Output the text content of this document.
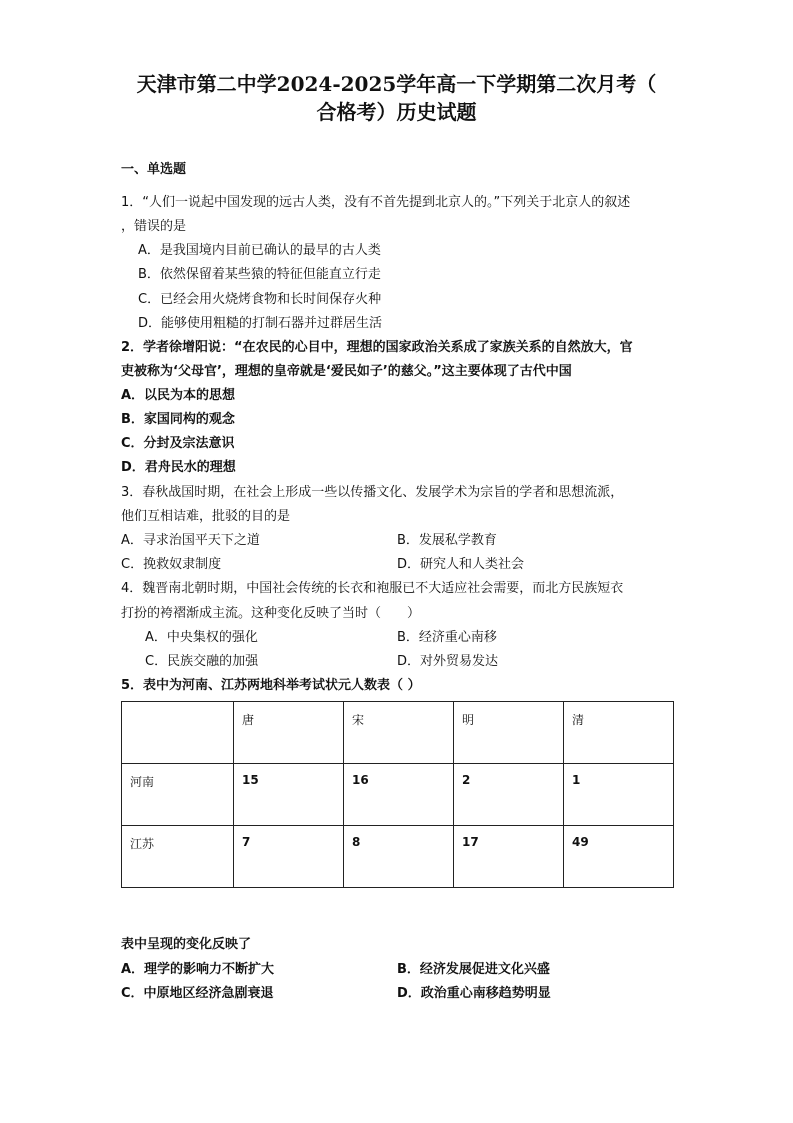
天津市第二中学2024-2025学年高一下学期第二次月考（
合格考）历史试题
一、单选题
1．“人们一说起中国发现的远古人类，没有不首先提到北京人的。”下列关于北京人的叙述
，错误的是
A．是我国境内目前已确认的最早的古人类
B．依然保留着某些猿的特征但能直立行走
C．已经会用火烧烤食物和长时间保存火种
D．能够使用粗糙的打制石器并过群居生活
2．学者徐增阳说：“在农民的心目中，理想的国家政治关系成了家族关系的自然放大，官
吏被称为‘父母官’，理想的皇帝就是‘爱民如子’的慈父。”这主要体现了古代中国
A．以民为本的思想
B．家国同构的观念
C．分封及宗法意识
D．君舟民水的理想
3．春秋战国时期，在社会上形成一些以传播文化、发展学术为宗旨的学者和思想流派，
他们互相诘难，批驳的目的是
A．寻求治国平天下之道	B．发展私学教育
C．挽救奴隶制度	D．研究人和人类社会
4．魏晋南北朝时期，中国社会传统的长衣和袍服已不大适应社会需要，而北方民族短衣
打扮的袴褶渐成主流。这种变化反映了当时（　　）
A．中央集权的强化	B．经济重心南移
C．民族交融的加强	D．对外贸易发达
5．表中为河南、江苏两地科举考试状元人数表（ ）
	唐	宋	明	清
河南	15	16	2	1
江苏	7	8	17	49
表中呈现的变化反映了
A．理学的影响力不断扩大	B．经济发展促进文化兴盛
C．中原地区经济急剧衰退	D．政治重心南移趋势明显
